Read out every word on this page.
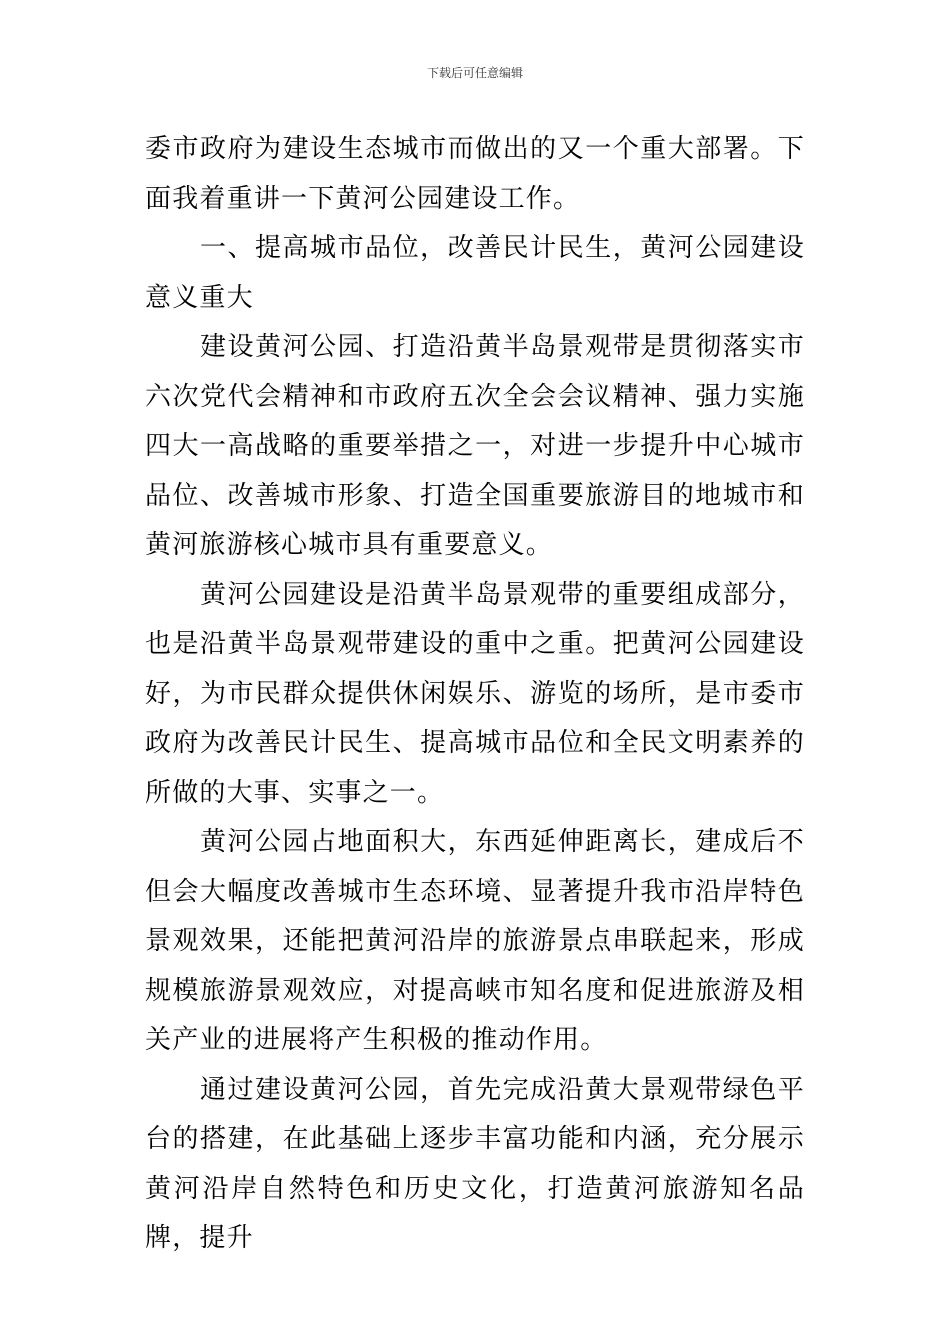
下载后可任意编辑

委市政府为建设生态城市而做出的又一个重大部署。下面我着重讲一下黄河公园建设工作。

一、提高城市品位，改善民计民生，黄河公园建设意义重大

建设黄河公园、打造沿黄半岛景观带是贯彻落实市六次党代会精神和市政府五次全会会议精神、强力实施四大一高战略的重要举措之一，对进一步提升中心城市品位、改善城市形象、打造全国重要旅游目的地城市和黄河旅游核心城市具有重要意义。

黄河公园建设是沿黄半岛景观带的重要组成部分，也是沿黄半岛景观带建设的重中之重。把黄河公园建设好，为市民群众提供休闲娱乐、游览的场所，是市委市政府为改善民计民生、提高城市品位和全民文明素养的所做的大事、实事之一。

黄河公园占地面积大，东西延伸距离长，建成后不但会大幅度改善城市生态环境、显著提升我市沿岸特色景观效果，还能把黄河沿岸的旅游景点串联起来，形成规模旅游景观效应，对提高峡市知名度和促进旅游及相关产业的进展将产生积极的推动作用。

通过建设黄河公园，首先完成沿黄大景观带绿色平台的搭建，在此基础上逐步丰富功能和内涵，充分展示黄河沿岸自然特色和历史文化，打造黄河旅游知名品牌，提升
